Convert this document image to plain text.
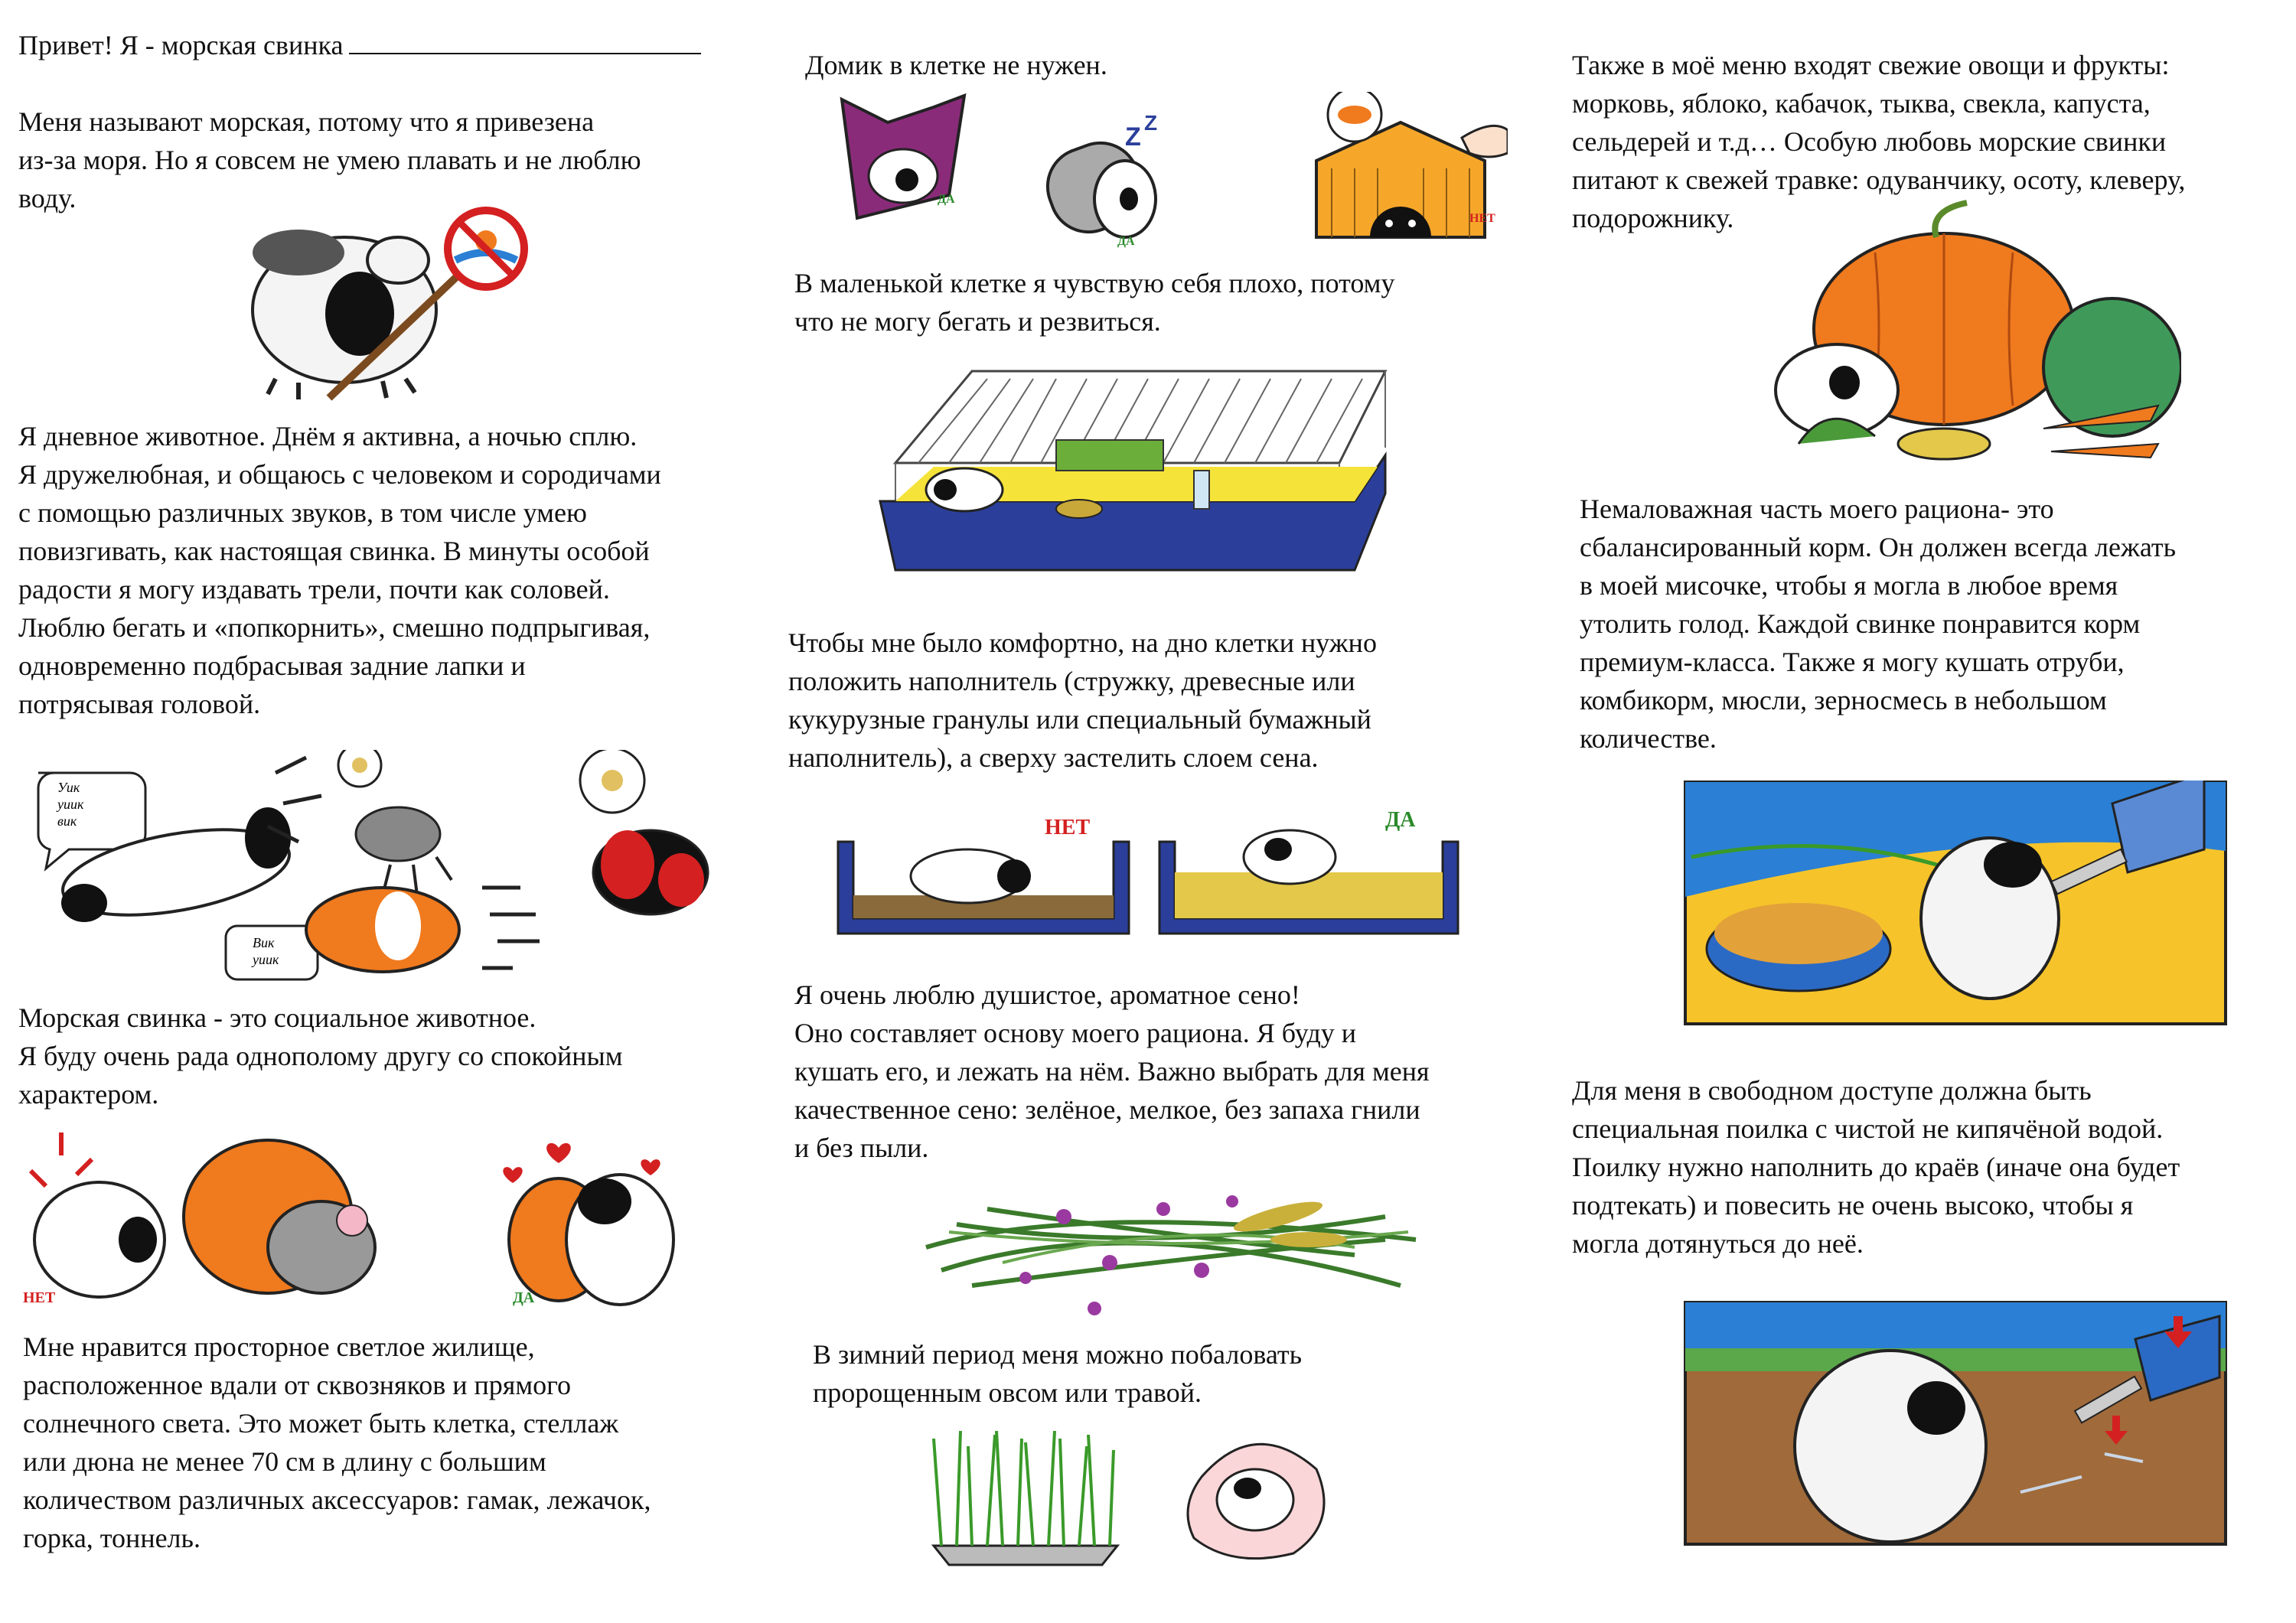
Привет! Я - морская свинка

Меня называют морская, потому что я привезена
из-за моря. Но я совсем не умею плавать и не люблю
воду.

Я дневное животное. Днём я активна, а ночью сплю.
Я дружелюбная, и общаюсь с человеком и сородичами
с помощью различных звуков, в том числе умею
повизгивать, как настоящая свинка. В минуты особой
радости я могу издавать трели, почти как соловей.
Люблю бегать и «попкорнить», смешно подпрыгивая,
одновременно подбрасывая задние лапки и
потрясывая головой.

Уик уиик вик
Вик уиик

Морская свинка - это социальное животное.
Я буду очень рада однополому другу со спокойным
характером.

НЕТ	ДА

Мне нравится просторное светлое жилище,
расположенное вдали от сквозняков и прямого
солнечного света. Это может быть клетка, стеллаж
или дюна не менее 70 см в длину с большим
количеством различных аксессуаров: гамак, лежачок,
горка, тоннель.

Домик в клетке не нужен.

ДА
Z Z
ДА
НЕТ

В маленькой клетке я чувствую себя плохо, потому
что не могу бегать и резвиться.

Чтобы мне было комфортно, на дно клетки нужно
положить наполнитель (стружку, древесные или
кукурузные гранулы или специальный бумажный
наполнитель), а сверху застелить слоем сена.

НЕТ	ДА

Я очень люблю душистое, ароматное сено!
Оно составляет основу моего рациона. Я буду и
кушать его, и лежать на нём. Важно выбрать для меня
качественное сено: зелёное, мелкое, без запаха гнили
и без пыли.

В зимний период меня можно побаловать
пророщенным овсом или травой.

Также в моё меню входят свежие овощи и фрукты:
морковь, яблоко, кабачок, тыква, свекла, капуста,
сельдерей и т.д… Особую любовь морские свинки
питают к свежей травке: одуванчику, осоту, клеверу,
подорожнику.

Немаловажная часть моего рациона- это
сбалансированный корм. Он должен всегда лежать
в моей мисочке, чтобы я могла в любое время
утолить голод. Каждой свинке понравится корм
премиум-класса. Также я могу кушать отруби,
комбикорм, мюсли, зерносмесь в небольшом
количестве.

Для меня в свободном доступе должна быть
специальная поилка с чистой не кипячёной водой.
Поилку нужно наполнить до краёв (иначе она будет
подтекать) и повесить не очень высоко, чтобы я
могла дотянуться до неё.
